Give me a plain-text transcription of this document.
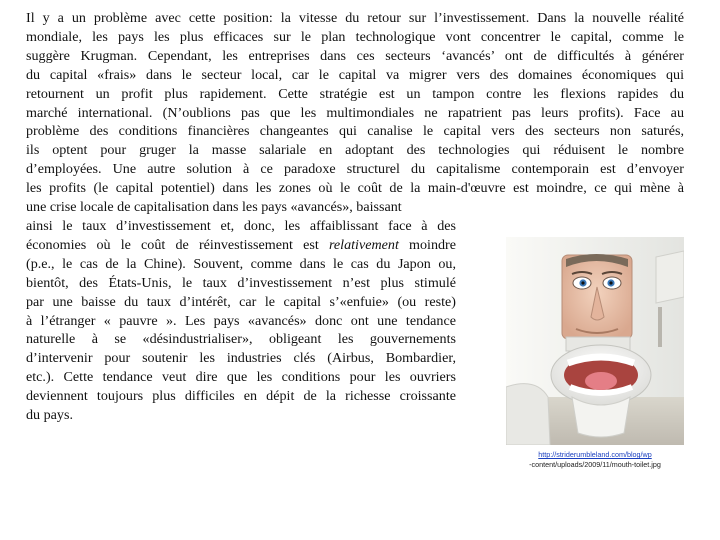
Il y a un problème avec cette position: la vitesse du retour sur l’investissement. Dans la nouvelle réalité
mondiale, les pays les plus efficaces sur le plan technologique vont concentrer le capital, comme le
suggère Krugman. Cependant, les entreprises dans ces secteurs ‘avancés’ ont de difficultés à générer
du capital «frais» dans le secteur local, car le capital va migrer vers des domaines économiques qui
retournent un profit plus rapidement. Cette stratégie est un tampon contre les flexions rapides du
marché international. (N’oublions pas que les multimondiales ne rapatrient pas leurs profits). Face au
problème des conditions financières changeantes qui canalise le capital vers des secteurs non saturés,
ils optent pour gruger la masse salariale en adoptant des technologies qui réduisent le nombre
d’employées. Une autre solution à ce paradoxe structurel du capitalisme contemporain est d’envoyer
les profits (le capital potentiel) dans les zones où le coût de la main-d'œuvre est moindre, ce qui mène à
une crise locale de capitalisation dans les pays «avancés», baissant
ainsi le taux d’investissement et, donc, les affaiblissant face à des
économies où le coût de réinvestissement est relativement moindre
(p.e., le cas de la Chine). Souvent, comme dans le cas du Japon ou,
bientôt, des États-Unis, le taux d’investissement n’est plus stimulé
par une baisse du taux d’intérêt, car le capital s’«enfuie» (ou reste)
à l’étranger « pauvre ». Les pays «avancés» donc ont une tendance
naturelle à se «désindustrialiser», obligeant les gouvernements
d’intervenir pour soutenir les industries clés (Airbus, Bombardier,
etc.). Cette tendance veut dire que les conditions pour les ouvriers
deviennent toujours plus difficiles en dépit de la richesse croissante
du pays.
http://striderumbleland.com/blog/wp
-content/uploads/2009/11/mouth-toilet.jpg
